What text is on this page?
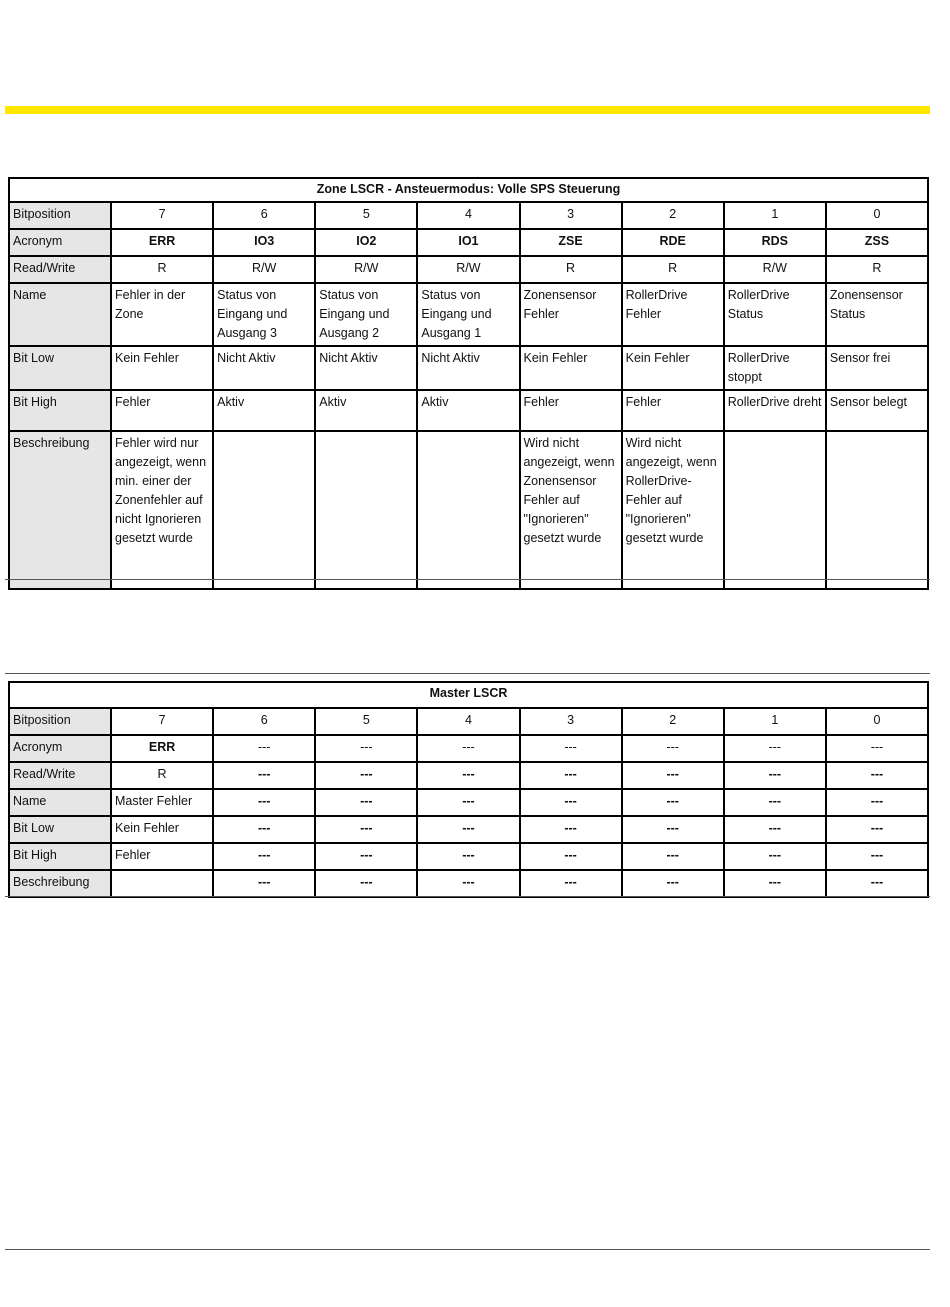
Zone LSCR - Ansteuermodus: Volle SPS Steuerung								
Bitposition	7	6	5	4	3	2	1	0
Acronym	ERR	IO3	IO2	IO1	ZSE	RDE	RDS	ZSS
Read/Write	R	R/W	R/W	R/W	R	R	R/W	R
Name	Fehler in der Zone	Status von Eingang und Ausgang 3	Status von Eingang und Ausgang 2	Status von Eingang und Ausgang 1	Zonensensor Fehler	RollerDrive Fehler	RollerDrive Status	Zonensensor Status
Bit Low	Kein Fehler	Nicht Aktiv	Nicht Aktiv	Nicht Aktiv	Kein Fehler	Kein Fehler	RollerDrive stoppt	Sensor frei
Bit High	Fehler	Aktiv	Aktiv	Aktiv	Fehler	Fehler	RollerDrive dreht	Sensor belegt
Beschreibung	Fehler wird nur angezeigt, wenn min. einer der Zonenfehler auf nicht Ignorieren gesetzt wurde				Wird nicht angezeigt, wenn Zonensensor Fehler auf "Ignorieren" gesetzt wurde	Wird nicht angezeigt, wenn RollerDrive-Fehler auf "Ignorieren" gesetzt wurde		
Master LSCR								
Bitposition	7	6	5	4	3	2	1	0
Acronym	ERR	---	---	---	---	---	---	---
Read/Write	R	---	---	---	---	---	---	---
Name	Master Fehler	---	---	---	---	---	---	---
Bit Low	Kein Fehler	---	---	---	---	---	---	---
Bit High	Fehler	---	---	---	---	---	---	---
Beschreibung		---	---	---	---	---	---	---
